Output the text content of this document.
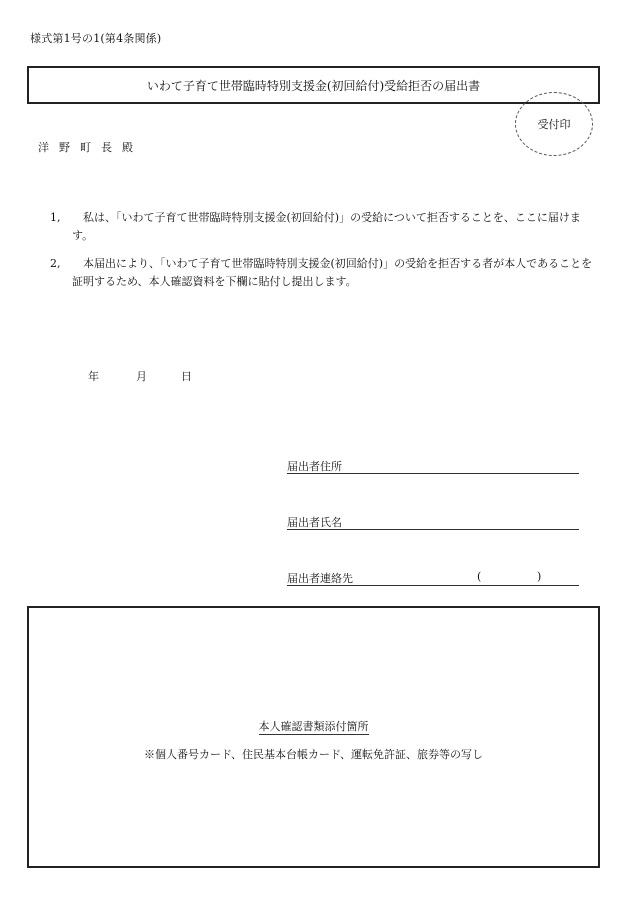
様式第1号の1(第4条関係)
いわて子育て世帯臨時特別支援金(初回給付)受給拒否の届出書
受付印
洋野町長殿
1,	私は、「いわて子育て世帯臨時特別支援金(初回給付)」の受給について拒否することを、ここに届けます。
2,	本届出により、「いわて子育て世帯臨時特別支援金(初回給付)」の受給を拒否する者が本人であることを証明するため、本人確認資料を下欄に貼付し提出します。
年	月	日
届出者住所
届出者氏名
届出者連絡先	(	)
本人確認書類添付箇所
※個人番号カード、住民基本台帳カード、運転免許証、旅券等の写し
